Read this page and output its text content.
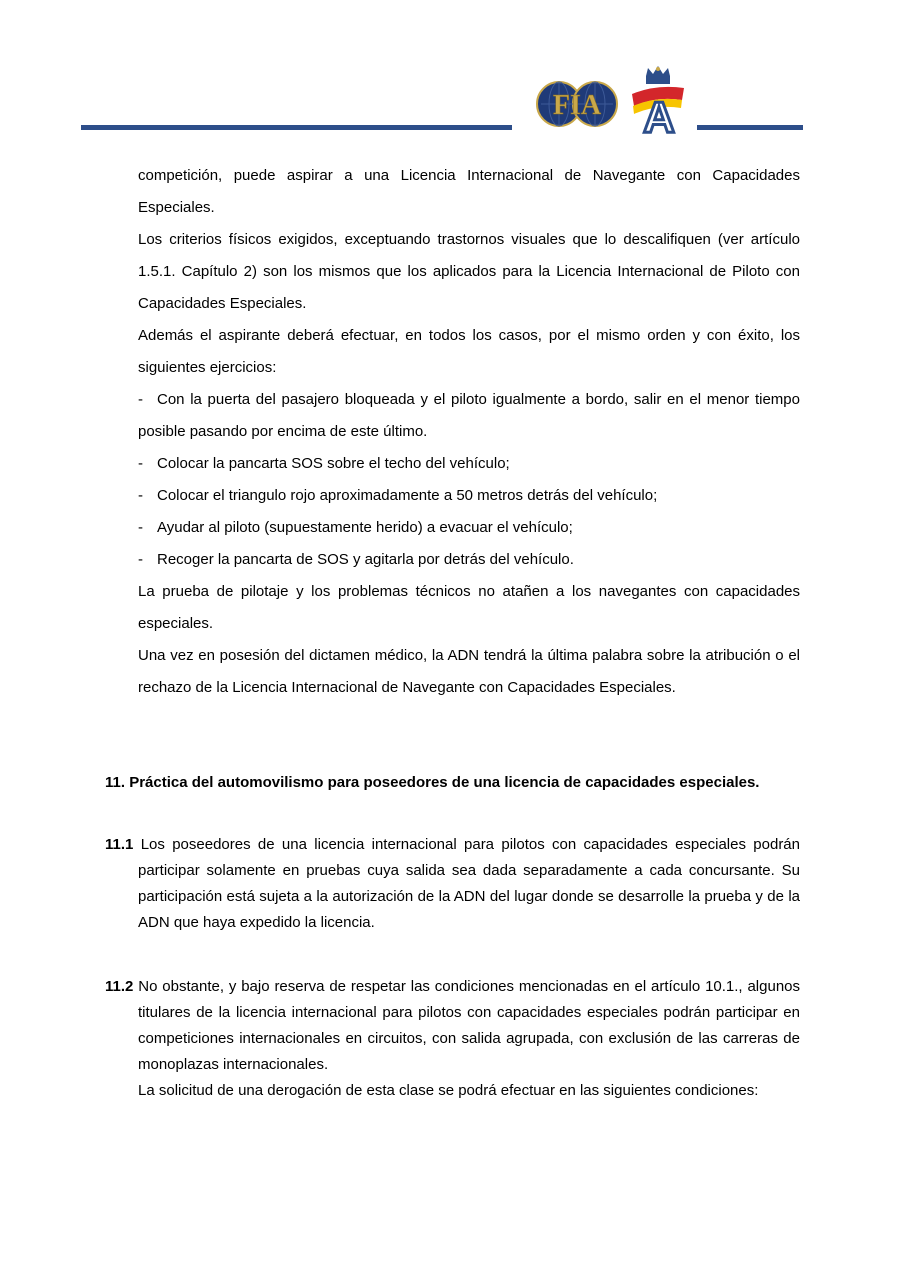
FIA A

competición, puede aspirar a una Licencia Internacional de Navegante con Capacidades Especiales.

Los criterios físicos exigidos, exceptuando trastornos visuales que lo descalifiquen (ver artículo 1.5.1. Capítulo 2) son los mismos que los aplicados para la Licencia Internacional de Piloto con Capacidades Especiales.

Además el aspirante deberá efectuar, en todos los casos, por el mismo orden y con éxito, los siguientes ejercicios:

- Con la puerta del pasajero bloqueada y el piloto igualmente a bordo, salir en el menor tiempo posible pasando por encima de este último.

- Colocar la pancarta SOS sobre el techo del vehículo;

- Colocar el triangulo rojo aproximadamente a 50 metros detrás del vehículo;

- Ayudar al piloto (supuestamente herido) a evacuar el vehículo;

- Recoger la pancarta de SOS y agitarla por detrás del vehículo.

La prueba de pilotaje y los problemas técnicos no atañen a los navegantes con capacidades especiales.

Una vez en posesión del dictamen médico, la ADN tendrá la última palabra sobre la atribución o el rechazo de la Licencia Internacional de Navegante con Capacidades Especiales.

11. Práctica del automovilismo para poseedores de una licencia de capacidades especiales.

11.1 Los poseedores de una licencia internacional para pilotos con capacidades especiales podrán participar solamente en pruebas cuya salida sea dada separadamente a cada concursante. Su participación está sujeta a la autorización de la ADN del lugar donde se desarrolle la prueba y de la ADN que haya expedido la licencia.

11.2 No obstante, y bajo reserva de respetar las condiciones mencionadas en el artículo 10.1., algunos titulares de la licencia internacional para pilotos con capacidades especiales podrán participar en competiciones internacionales en circuitos, con salida agrupada, con exclusión de las carreras de monoplazas internacionales.

La solicitud de una derogación de esta clase se podrá efectuar en las siguientes condiciones:
